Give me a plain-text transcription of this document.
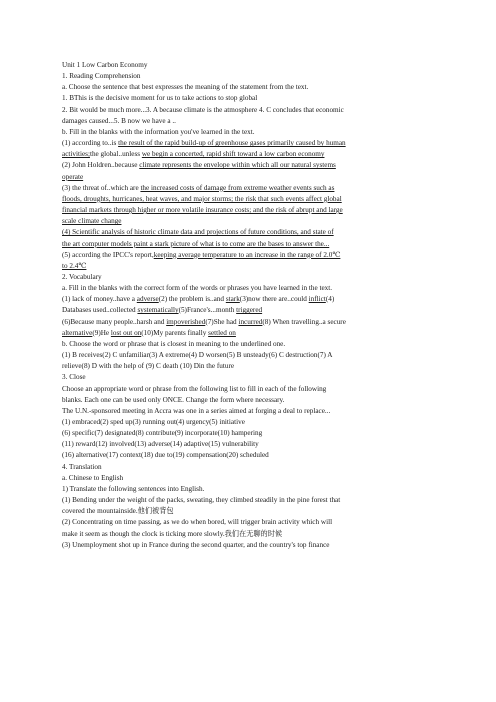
Unit 1 Low Carbon Economy
1. Reading Comprehension
a. Choose the sentence that best expresses the meaning of the statement from the text.
1. BThis is the decisive moment for us to take actions to stop global
2. Bit would be much more...3. A because climate is the atmosphere 4. C concludes that economic
damages caused...5. B now we have a ..
b. Fill in the blanks with the information you've learned in the text.
(1) according to..is the result of the rapid build-up of greenhouse gases primarily caused by human
activities;the global..unless we begin a concerted, rapid shift toward a low carbon economy
(2) John Holdren..because climate represents the envelope within which all our natural systems
operate
(3) the threat of..which are the increased costs of damage from extreme weather events such as
floods, droughts, hurricanes, heat waves, and major storms; the risk that such events affect global
financial markets through higher or more volatile insurance costs; and the risk of abrupt and large
scale climate change
(4) Scientific analysis of historic climate data and projections of future conditions, and state of
the art computer models paint a stark picture of what is to come are the bases to answer the...
(5) according the IPCC's report,keeping average temperature to an increase in the range of 2.0℃
to 2.4℃
2. Vocabulary
a. Fill in the blanks with the correct form of the words or phrases you have learned in the text.
(1) lack of money..have a adverse(2) the problem is..and stark(3)now there are..could inflict(4)
Databases used..collected systematically(5)France's...month triggered
(6)Because many people..harsh and impoverished(7)She had incurred(8) When travelling..a secure
alternative(9)He lost out on(10)My parents finally settled on
b. Choose the word or phrase that is closest in meaning to the underlined one.
(1) B receives(2) C unfamiliar(3) A extreme(4) D worsen(5) B unsteady(6) C destruction(7) A
relieve(8) D with the help of (9) C death (10) Din the future
3. Close
Choose an appropriate word or phrase from the following list to fill in each of the following
blanks. Each one can be used only ONCE. Change the form where necessary.
The U.N.-sponsored meeting in Accra was one in a series aimed at forging a deal to replace...
(1) embraced(2) sped up(3) running out(4) urgency(5) initiative
(6) specific(7) designated(8) contribute(9) incorporate(10) hampering
(11) reward(12) involved(13) adverse(14) adaptive(15) vulnerability
(16) alternative(17) context(18) due to(19) compensation(20) scheduled
4. Translation
a. Chinese to English
1) Translate the following sentences into English.
(1) Bending under the weight of the packs, sweating, they climbed steadily in the pine forest that
covered the mountainside.他们被背包
(2) Concentrating on time passing, as we do when bored, will trigger brain activity which will
make it seem as though the clock is ticking more slowly.我们在无聊的时候
(3) Unemployment shot up in France during the second quarter, and the country's top finance
